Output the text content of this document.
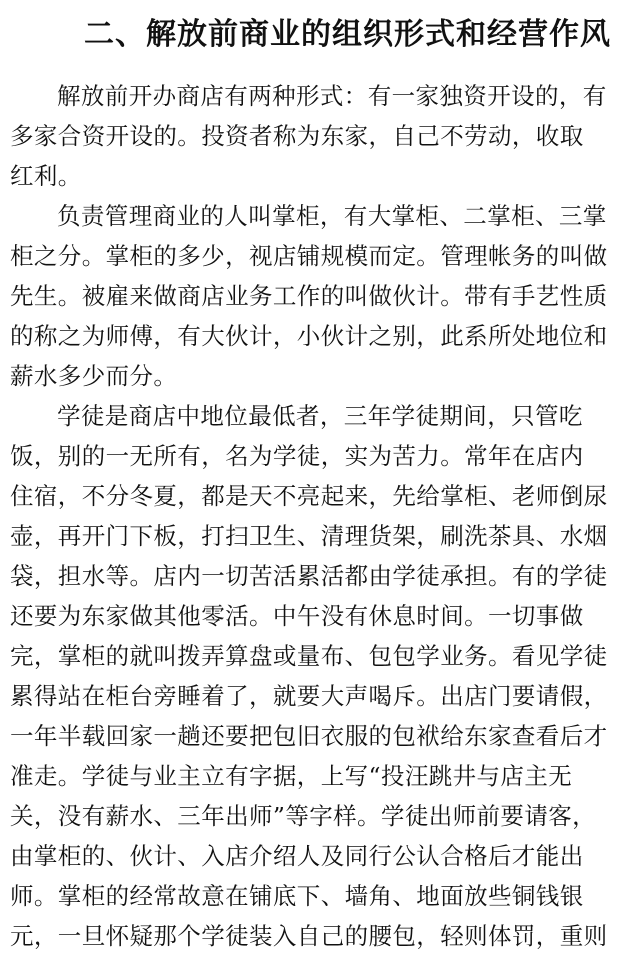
二、解放前商业的组织形式和经营作风

解放前开办商店有两种形式：有一家独资开设的，有
多家合资开设的。投资者称为东家，自己不劳动，收取
红利。

负责管理商业的人叫掌柜，有大掌柜、二掌柜、三掌
柜之分。掌柜的多少，视店铺规模而定。管理帐务的叫做
先生。被雇来做商店业务工作的叫做伙计。带有手艺性质
的称之为师傅，有大伙计，小伙计之别，此系所处地位和
薪水多少而分。

学徒是商店中地位最低者，三年学徒期间，只管吃
饭，别的一无所有，名为学徒，实为苦力。常年在店内
住宿，不分冬夏，都是天不亮起来，先给掌柜、老师倒尿
壶，再开门下板，打扫卫生、清理货架，刷洗茶具、水烟
袋，担水等。店内一切苦活累活都由学徒承担。有的学徒
还要为东家做其他零活。中午没有休息时间。一切事做
完，掌柜的就叫拨弄算盘或量布、包包学业务。看见学徒
累得站在柜台旁睡着了，就要大声喝斥。出店门要请假，
一年半载回家一趟还要把包旧衣服的包袱给东家查看后才
准走。学徒与业主立有字据，上写“投汪跳井与店主无
关，没有薪水、三年出师”等字样。学徒出师前要请客，
由掌柜的、伙计、入店介绍人及同行公认合格后才能出
师。掌柜的经常故意在铺底下、墙角、地面放些铜钱银
元，一旦怀疑那个学徒装入自己的腰包，轻则体罚，重则
